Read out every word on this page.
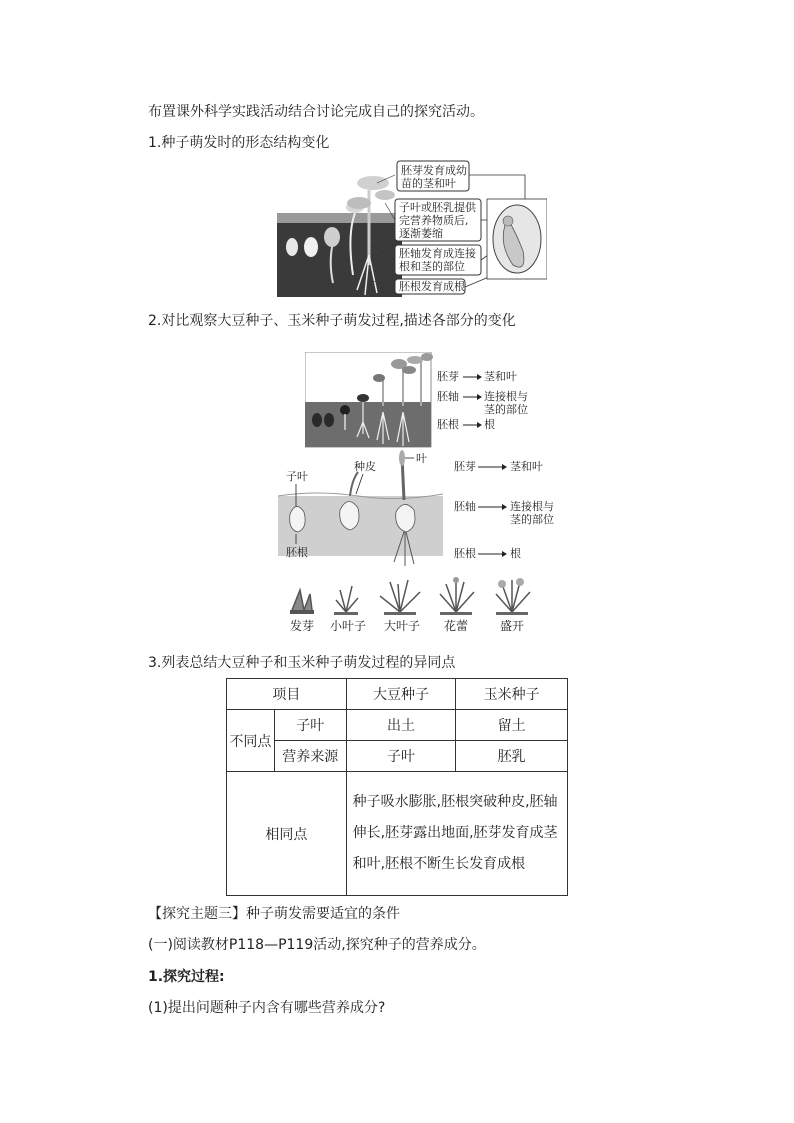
布置课外科学实践活动结合讨论完成自己的探究活动。
1.种子萌发时的形态结构变化
胚芽发育成幼
苗的茎和叶
子叶或胚乳提供
完营养物质后,
逐渐萎缩
胚轴发育成连接
根和茎的部位
胚根发育成根
2.对比观察大豆种子、玉米种子萌发过程,描述各部分的变化
胚芽 茎和叶
胚轴 连接根与
茎的部位
胚根 根
子叶
种皮
叶
胚根
胚芽	茎和叶
胚轴	连接根与
茎的部位
胚根	根
发芽 小叶子 大叶子 花蕾	盛开
3.列表总结大豆种子和玉米种子萌发过程的异同点
项目		大豆种子	玉米种子
不同点	子叶	出土	留土
	营养来源	子叶	胚乳
相同点		种子吸水膨胀,胚根突破种皮,胚轴伸长,胚芽露出地面,胚芽发育成茎和叶,胚根不断生长发育成根	
【探究主题三】种子萌发需要适宜的条件
(一)阅读教材P118—P119活动,探究种子的营养成分。
1.探究过程:
(1)提出问题种子内含有哪些营养成分?
